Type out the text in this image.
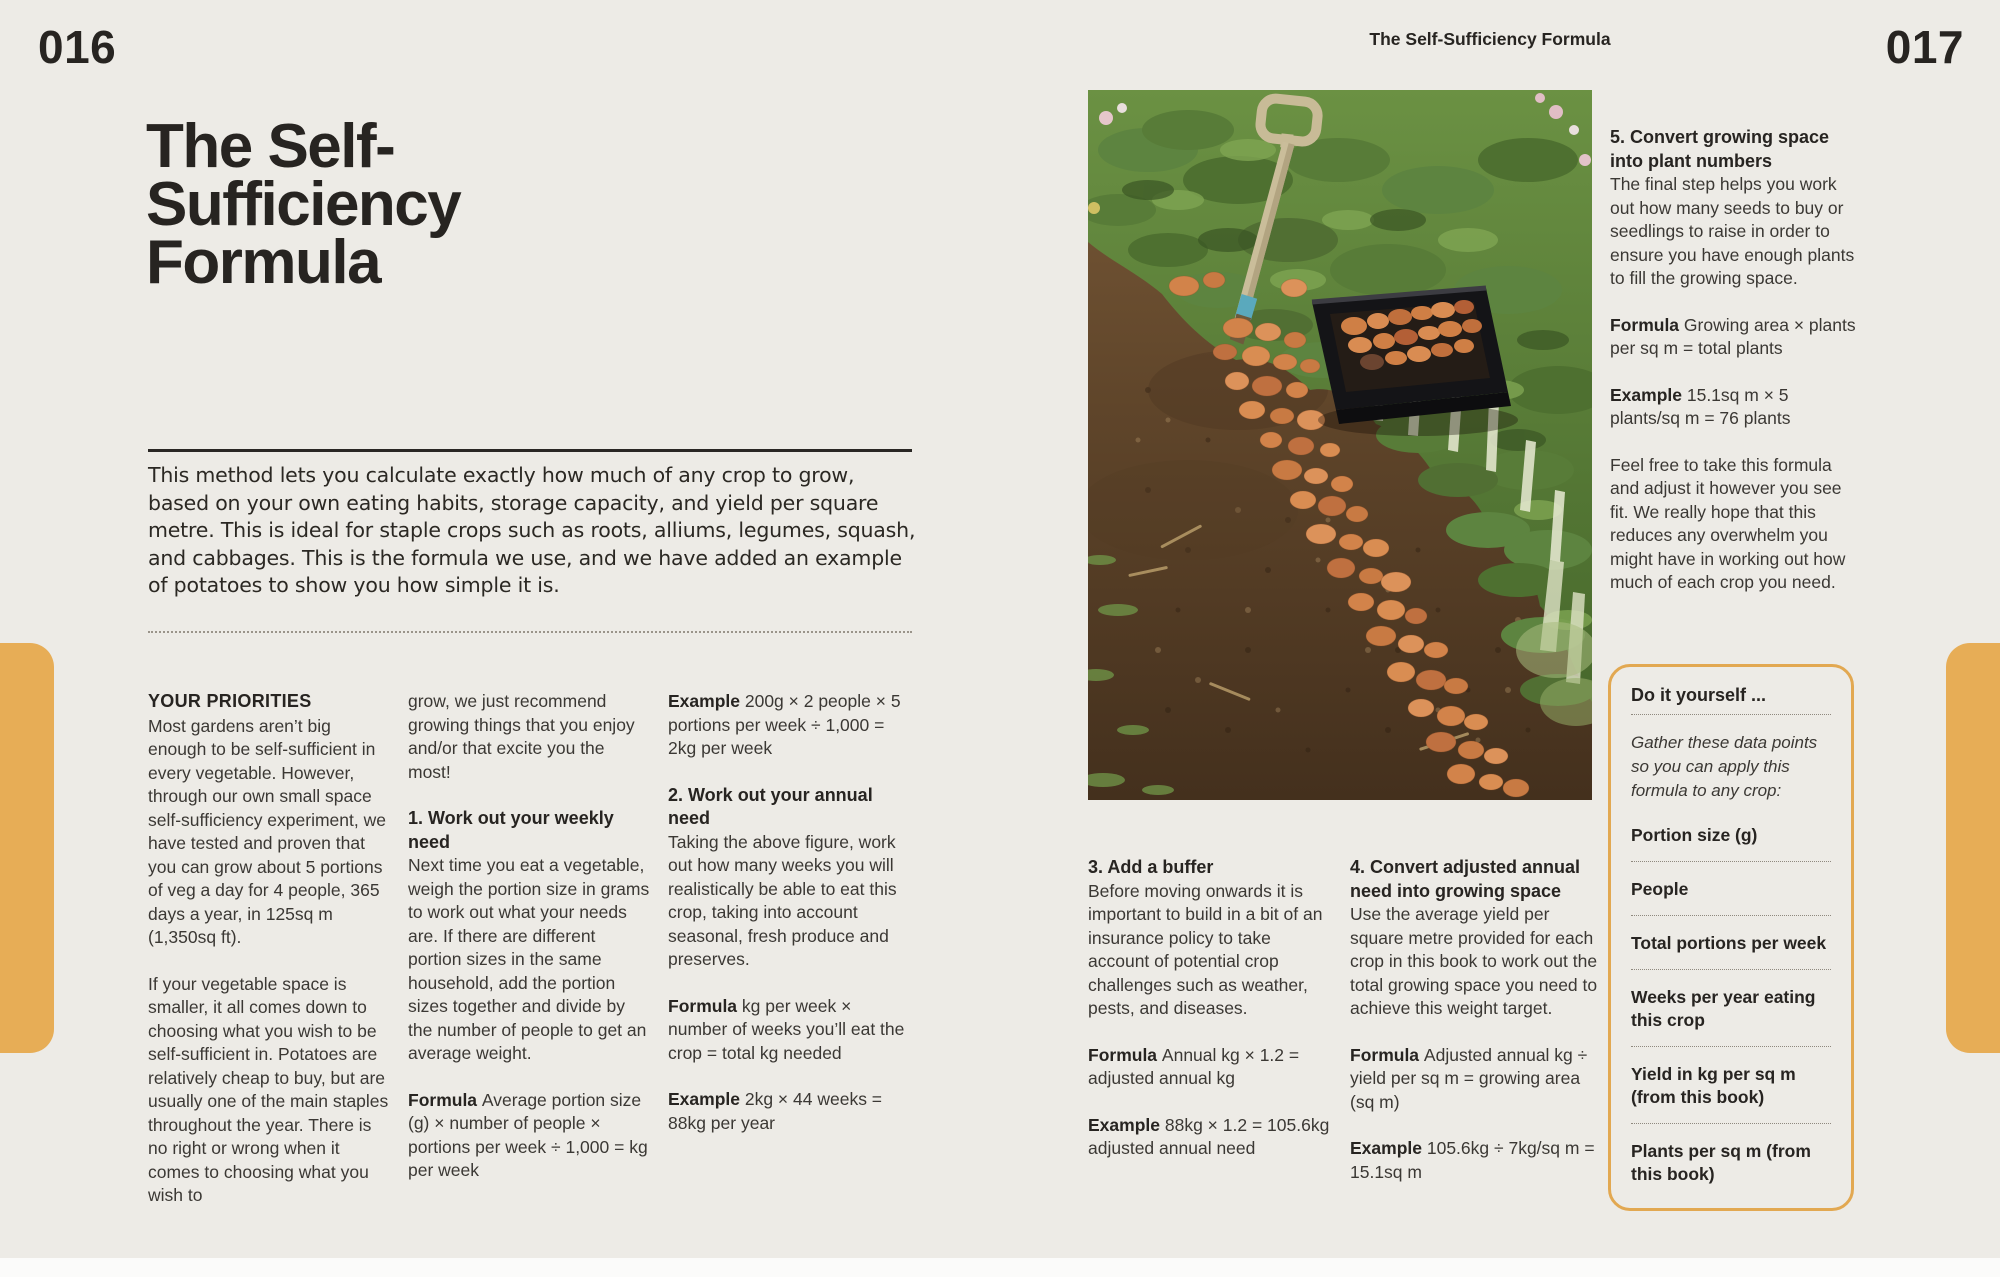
016
The Self-
Sufficiency
Formula

This method lets you calculate exactly how much of any crop to grow, based on your own eating habits, storage capacity, and yield per square metre. This is ideal for staple crops such as roots, alliums, legumes, squash, and cabbages. This is the formula we use, and we have added an example of potatoes to show you how simple it is.

YOUR PRIORITIES

Most gardens aren’t big enough to be self-sufficient in every vegetable. However, through our own small space self-sufficiency experiment, we have tested and proven that you can grow about 5 portions of veg a day for 4 people, 365 days a year, in 125sq m (1,350sq ft).

If your vegetable space is smaller, it all comes down to choosing what you wish to be self-sufficient in. Potatoes are relatively cheap to buy, but are usually one of the main staples throughout the year. There is no right or wrong when it comes to choosing what you wish to

grow, we just recommend growing things that you enjoy and/or that excite you the most!

1. Work out your weekly need

Next time you eat a vegetable, weigh the portion size in grams to work out what your needs are. If there are different portion sizes in the same household, add the portion sizes together and divide by the number of people to get an average weight.

Formula Average portion size (g) × number of people × portions per week ÷ 1,000 = kg per week

Example 200g × 2 people × 5 portions per week ÷ 1,000 = 2kg per week

2. Work out your annual need

Taking the above figure, work out how many weeks you will realistically be able to eat this crop, taking into account seasonal, fresh produce and preserves.

Formula kg per week × number of weeks you’ll eat the crop = total kg needed

Example 2kg × 44 weeks = 88kg per year

The Self-Sufficiency Formula	017
3. Add a buffer

Before moving onwards it is important to build in a bit of an insurance policy to take account of potential crop challenges such as weather, pests, and diseases.

Formula Annual kg × 1.2 = adjusted annual kg

Example 88kg × 1.2 = 105.6kg adjusted annual need

4. Convert adjusted annual need into growing space

Use the average yield per square metre provided for each crop in this book to work out the total growing space you need to achieve this weight target.

Formula Adjusted annual kg ÷ yield per sq m = growing area (sq m)

Example 105.6kg ÷ 7kg/sq m = 15.1sq m

5. Convert growing space into plant numbers

The final step helps you work out how many seeds to buy or seedlings to raise in order to ensure you have enough plants to fill the growing space.

Formula Growing area × plants per sq m = total plants

Example 15.1sq m × 5 plants/sq m = 76 plants

Feel free to take this formula and adjust it however you see fit. We really hope that this reduces any overwhelm you might have in working out how much of each crop you need.

Do it yourself ...

Gather these data points so you can apply this formula to any crop:

Portion size (g)
People
Total portions per week
Weeks per year eating this crop
Yield in kg per sq m (from this book)
Plants per sq m (from this book)
